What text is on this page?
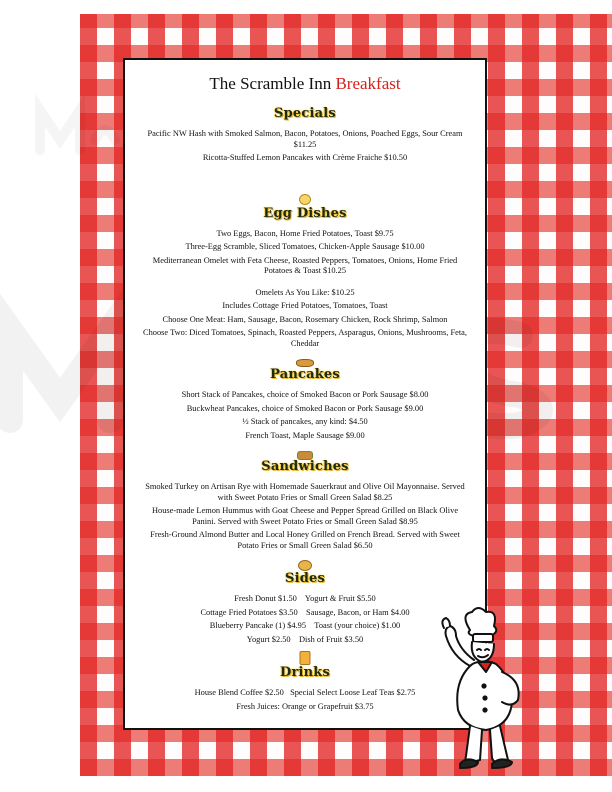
The Scramble Inn Breakfast
Specials
Pacific NW Hash with Smoked Salmon, Bacon, Potatoes, Onions, Poached Eggs, Sour Cream $11.25
Ricotta-Stuffed Lemon Pancakes with Crème Fraiche $10.50
Egg Dishes
Two Eggs, Bacon, Home Fried Potatoes, Toast $9.75
Three-Egg Scramble, Sliced Tomatoes, Chicken-Apple Sausage $10.00
Mediterranean Omelet with Feta Cheese, Roasted Peppers, Tomatoes, Onions, Home Fried Potatoes & Toast $10.25
Omelets As You Like: $10.25
Includes Cottage Fried Potatoes, Tomatoes, Toast
Choose One Meat: Ham, Sausage, Bacon, Rosemary Chicken, Rock Shrimp, Salmon
Choose Two: Diced Tomatoes, Spinach, Roasted Peppers, Asparagus, Onions, Mushrooms, Feta, Cheddar
Pancakes
Short Stack of Pancakes, choice of Smoked Bacon or Pork Sausage $8.00
Buckwheat Pancakes, choice of Smoked Bacon or Pork Sausage $9.00
½ Stack of pancakes, any kind: $4.50
French Toast, Maple Sausage $9.00
Sandwiches
Smoked Turkey on Artisan Rye with Homemade Sauerkraut and Olive Oil Mayonnaise. Served with Sweet Potato Fries or Small Green Salad $8.25
House-made Lemon Hummus with Goat Cheese and Pepper Spread Grilled on Black Olive Panini. Served with Sweet Potato Fries or Small Green Salad $8.95
Fresh-Ground Almond Butter and Local Honey Grilled on French Bread. Served with Sweet Potato Fries or Small Green Salad $6.50
Sides
Fresh Donut $1.50    Yogurt & Fruit $5.50
Cottage Fried Potatoes $3.50    Sausage, Bacon, or Ham $4.00
Blueberry Pancake (1) $4.95    Toast (your choice) $1.00
Yogurt $2.50    Dish of Fruit $3.50
Drinks
House Blend Coffee $2.50   Special Select Loose Leaf Teas $2.75
Fresh Juices: Orange or Grapefruit $3.75
